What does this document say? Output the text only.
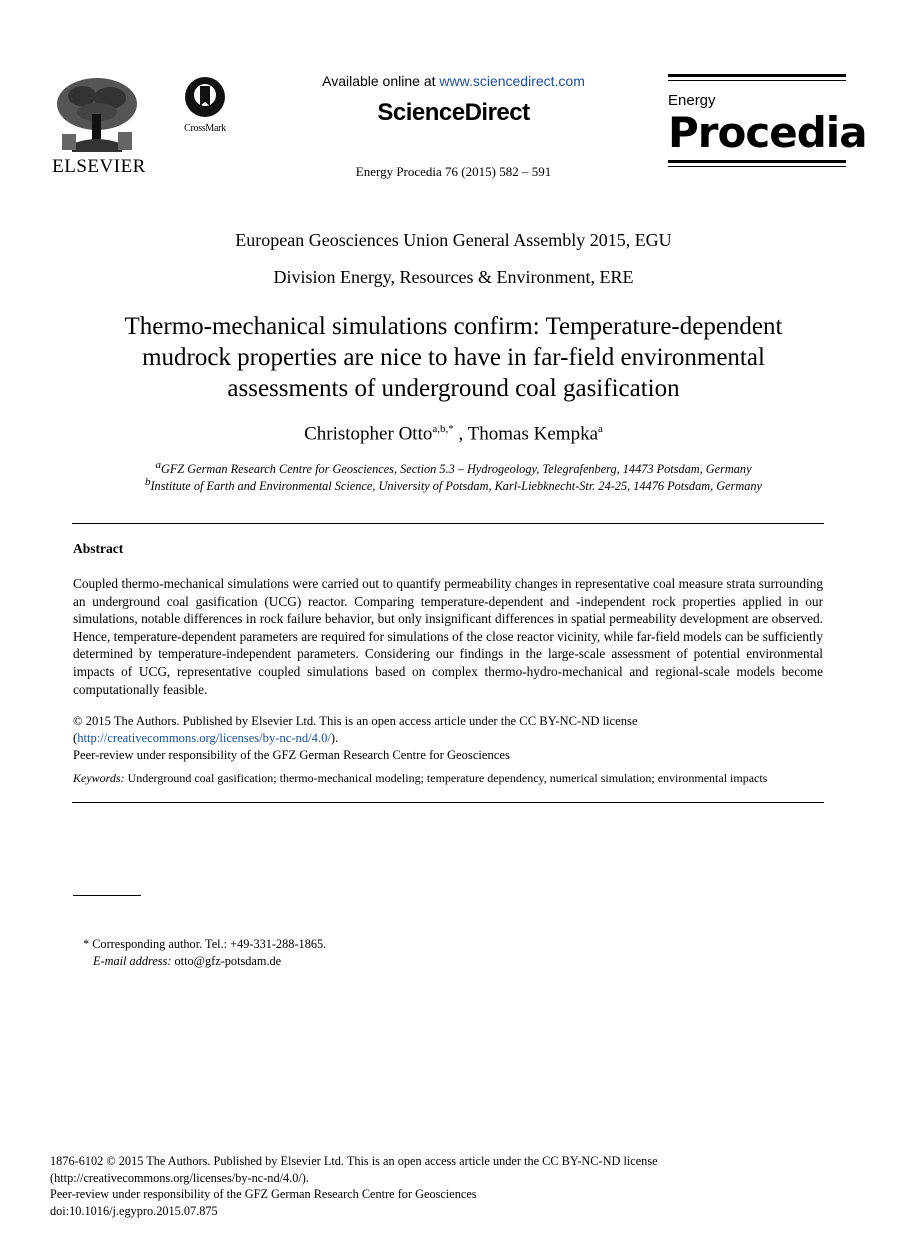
ELSEVIER
CrossMark
Available online at www.sciencedirect.com
ScienceDirect
Energy Procedia 76 (2015) 582 – 591
Energy
Procedia
European Geosciences Union General Assembly 2015, EGU
Division Energy, Resources & Environment, ERE
Thermo-mechanical simulations confirm: Temperature-dependent
mudrock properties are nice to have in far-field environmental
assessments of underground coal gasification
Christopher Otto$^{a,b,*}$ , Thomas Kempka$^a$
$^a$GFZ German Research Centre for Geosciences, Section 5.3 – Hydrogeology, Telegrafenberg, 14473 Potsdam, Germany
$^b$Institute of Earth and Environmental Science, University of Potsdam, Karl-Liebknecht-Str. 24-25, 14476 Potsdam, Germany
Abstract
Coupled thermo-mechanical simulations were carried out to quantify permeability changes in representative coal measure strata surrounding an underground coal gasification (UCG) reactor. Comparing temperature-dependent and -independent rock properties applied in our simulations, notable differences in rock failure behavior, but only insignificant differences in spatial permeability development are observed. Hence, temperature-dependent parameters are required for simulations of the close reactor vicinity, while far-field models can be sufficiently determined by temperature-independent parameters. Considering our findings in the large-scale assessment of potential environmental impacts of UCG, representative coupled simulations based on complex thermo-hydro-mechanical and regional-scale models become computationally feasible.
© 2015 The Authors. Published by Elsevier Ltd. This is an open access article under the CC BY-NC-ND license
(http://creativecommons.org/licenses/by-nc-nd/4.0/).
Peer-review under responsibility of the GFZ German Research Centre for Geosciences
Keywords: Underground coal gasification; thermo-mechanical modeling; temperature dependency, numerical simulation; environmental impacts
* Corresponding author. Tel.: +49-331-288-1865.
E-mail address: otto@gfz-potsdam.de
1876-6102 © 2015 The Authors. Published by Elsevier Ltd. This is an open access article under the CC BY-NC-ND license
(http://creativecommons.org/licenses/by-nc-nd/4.0/).
Peer-review under responsibility of the GFZ German Research Centre for Geosciences
doi:10.1016/j.egypro.2015.07.875
